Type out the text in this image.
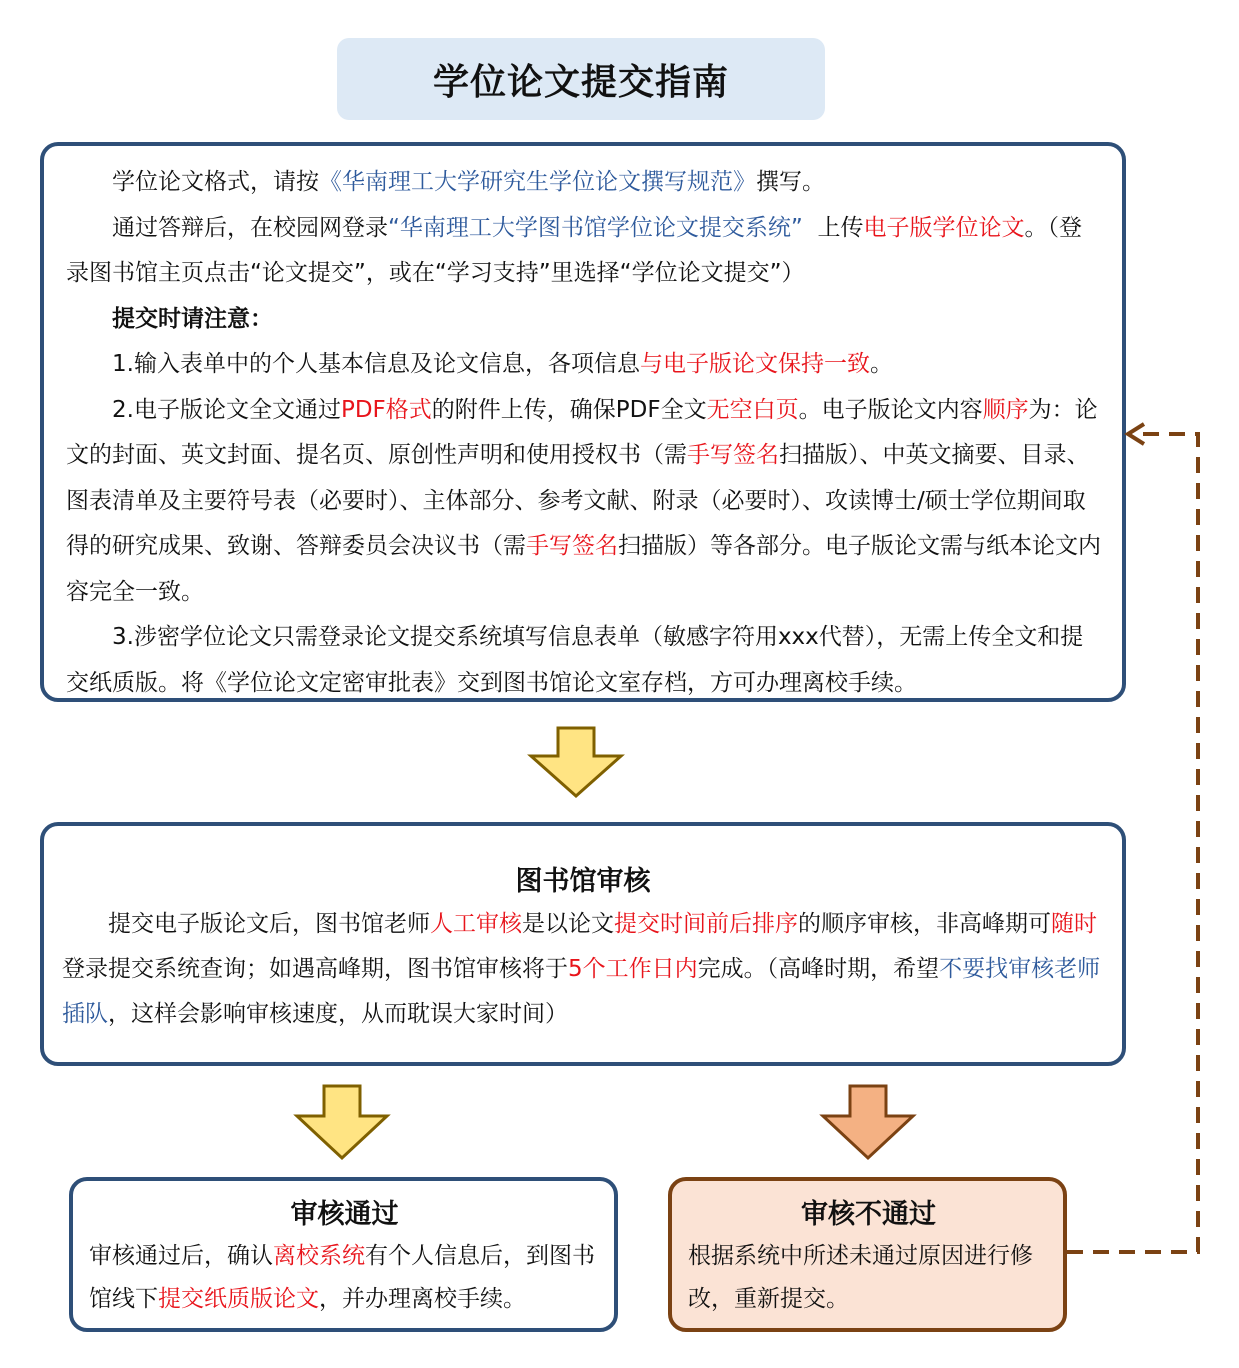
学位论文提交指南

学位论文格式，请按《华南理工大学研究生学位论文撰写规范》撰写。

通过答辩后，在校园网登录“华南理工大学图书馆学位论文提交系统” 上传电子版学位论文。（登录图书馆主页点击“论文提交”，或在“学习支持”里选择“学位论文提交”）

提交时请注意：

1.输入表单中的个人基本信息及论文信息，各项信息与电子版论文保持一致。

2.电子版论文全文通过PDF格式的附件上传，确保PDF全文无空白页。电子版论文内容顺序为：论文的封面、英文封面、提名页、原创性声明和使用授权书（需手写签名扫描版）、中英文摘要、目录、图表清单及主要符号表（必要时）、主体部分、参考文献、附录（必要时）、攻读博士/硕士学位期间取得的研究成果、致谢、答辩委员会决议书（需手写签名扫描版）等各部分。电子版论文需与纸本论文内容完全一致。

3.涉密学位论文只需登录论文提交系统填写信息表单（敏感字符用xxx代替），无需上传全文和提交纸质版。将《学位论文定密审批表》交到图书馆论文室存档，方可办理离校手续。

图书馆审核

提交电子版论文后，图书馆老师人工审核是以论文提交时间前后排序的顺序审核，非高峰期可随时登录提交系统查询；如遇高峰期，图书馆审核将于5个工作日内完成。（高峰时期，希望不要找审核老师插队，这样会影响审核速度，从而耽误大家时间）

审核通过

审核通过后，确认离校系统有个人信息后，到图书馆线下提交纸质版论文，并办理离校手续。

审核不通过

根据系统中所述未通过原因进行修改，重新提交。
